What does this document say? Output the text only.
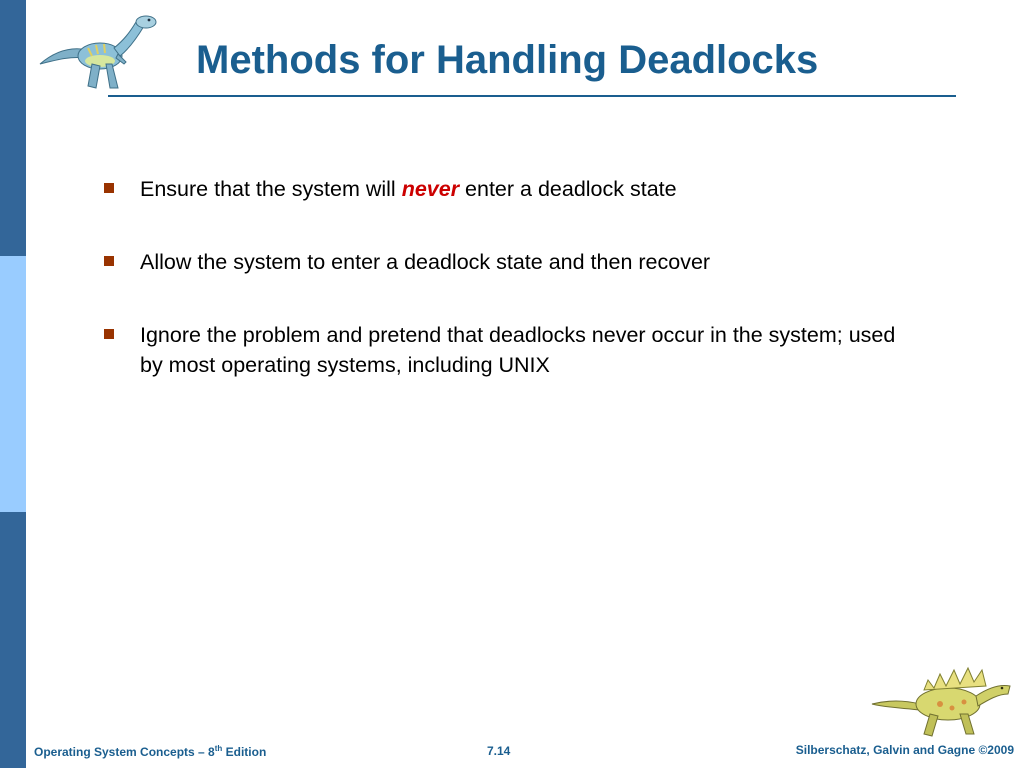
Methods for Handling Deadlocks
Ensure that the system will never enter a deadlock state
Allow the system to enter a deadlock state and then recover
Ignore the problem and pretend that deadlocks never occur in the system; used by most operating systems, including UNIX
Operating System Concepts – 8th Edition	7.14	Silberschatz, Galvin and Gagne ©2009
